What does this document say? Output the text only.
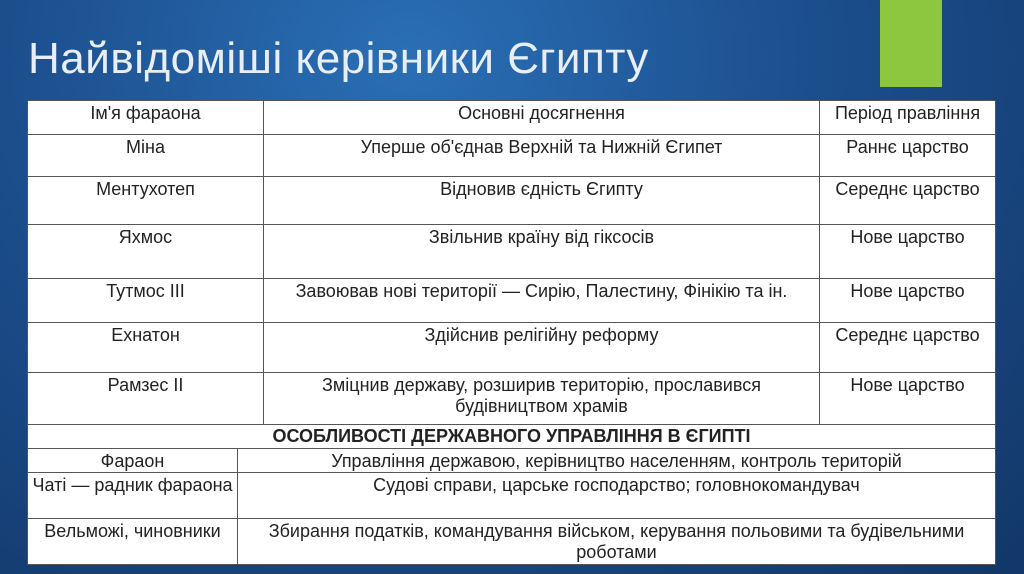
Найвідоміші керівники Єгипту
Ім'я фараона		Основні досягнення	Період правління
Міна		Уперше об'єднав Верхній та Нижній Єгипет	Раннє царство
Ментухотеп		Відновив єдність Єгипту	Середнє царство
Яхмос		Звільнив країну від гіксосів	Нове царство
Тутмос ІІІ		Завоював нові території — Сирію, Палестину, Фінікію та ін.	Нове царство
Ехнатон		Здійснив релігійну реформу	Середнє царство
Рамзес ІІ		Зміцнив державу, розширив територію, прославився будівництвом храмів	Нове царство
ОСОБЛИВОСТІ ДЕРЖАВНОГО УПРАВЛІННЯ В ЄГИПТІ			
Фараон	Управління державою, керівництво населенням, контроль територій		
Чаті — радник фараона	Судові справи, царське господарство; головнокомандувач		
Вельможі, чиновники	Збирання податків, командування військом, керування польовими та будівельними роботами		
